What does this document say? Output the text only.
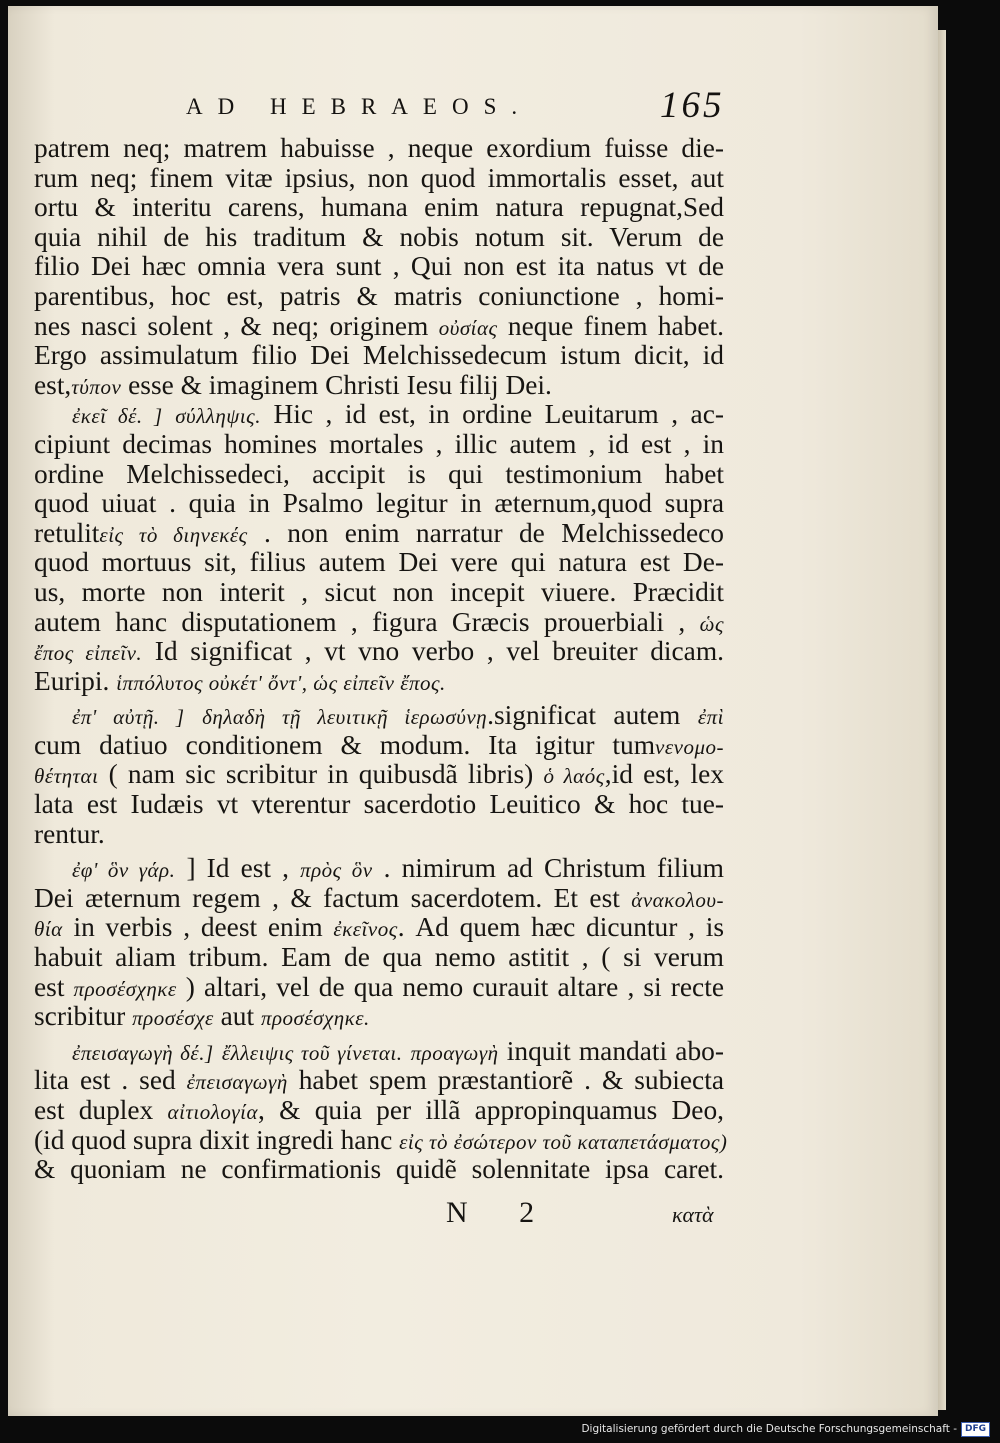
AD HEBRAEOS.	165
patrem neq; matrem habuisse , neque exordium fuisse die-
rum neq; finem vitæ ipsius, non quod immortalis esset, aut
ortu & interitu carens, humana enim natura repugnat,Sed
quia nihil de his traditum & nobis notum sit. Verum de
filio Dei hæc omnia vera sunt , Qui non est ita natus vt de
parentibus, hoc est, patris & matris coniunctione , homi-
nes nasci solent , & neq; originem οὐσίας neque finem habet.
Ergo assimulatum filio Dei Melchissedecum istum dicit, id
est,τύπον esse & imaginem Christi Iesu filij Dei.
ἐκεῖ δέ. ] σύλληψις. Hic , id est, in ordine Leuitarum , ac-
cipiunt decimas homines mortales , illic autem , id est , in
ordine Melchissedeci, accipit is qui testimonium habet
quod uiuat . quia in Psalmo legitur in æternum,quod supra
retulitεἰς τὸ διηνεκές . non enim narratur de Melchissedeco
quod mortuus sit, filius autem Dei vere qui natura est De-
us, morte non interit , sicut non incepit viuere. Præcidit
autem hanc disputationem , figura Græcis prouerbiali , ὡς
ἔπος εἰπεῖν. Id significat , vt vno verbo , vel breuiter dicam.
Euripi. ἱππόλυτος οὐκέτ' ὄντ', ὡς εἰπεῖν ἔπος.
ἐπ' αὐτῇ. ] δηλαδὴ τῇ λευιτικῇ ἱερωσύνῃ.significat autem ἐπὶ
cum datiuo conditionem & modum. Ita igitur tumνενομο-
θέτηται ( nam sic scribitur in quibusdã libris) ὁ λαός,id est, lex
lata est Iudæis vt vterentur sacerdotio Leuitico & hoc tue-
rentur.
ἐφ' ὃν γάρ. ] Id est , πρὸς ὃν . nimirum ad Christum filium
Dei æternum regem , & factum sacerdotem. Et est ἀνακολου-
θία in verbis , deest enim ἐκεῖνος. Ad quem hæc dicuntur , is
habuit aliam tribum. Eam de qua nemo astitit , ( si verum
est προσέσχηκε ) altari, vel de qua nemo curauit altare , si recte
scribitur προσέσχε aut προσέσχηκε.
ἐπεισαγωγὴ δέ.] ἔλλειψις τοῦ γίνεται. προαγωγὴ inquit mandati abo-
lita est . sed ἐπεισαγωγὴ habet spem præstantiorẽ . & subiecta
est duplex αἰτιολογία, & quia per illã appropinquamus Deo,
(id quod supra dixit ingredi hanc εἰς τὸ ἐσώτερον τοῦ καταπετάσματος)
& quoniam ne confirmationis quidẽ solennitate ipsa caret.
N 2	κατὰ
Digitalisierung gefördert durch die Deutsche Forschungsgemeinschaft - DFG
